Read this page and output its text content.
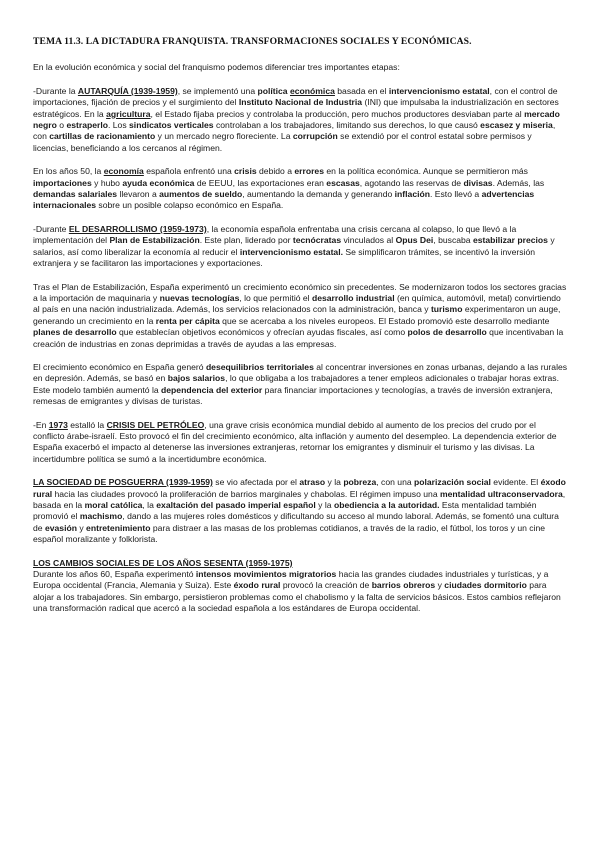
TEMA 11.3. LA DICTADURA FRANQUISTA. TRANSFORMACIONES SOCIALES Y ECONÓMICAS.

En la evolución económica y social del franquismo podemos diferenciar tres importantes etapas:

-Durante la AUTARQUÍA (1939-1959), se implementó una política económica basada en el intervencionismo estatal, con el control de importaciones, fijación de precios y el surgimiento del Instituto Nacional de Industria (INI) que impulsaba la industrialización en sectores estratégicos. En la agricultura, el Estado fijaba precios y controlaba la producción, pero muchos productores desviaban parte al mercado negro o estraperlo. Los sindicatos verticales controlaban a los trabajadores, limitando sus derechos, lo que causó escasez y miseria, con cartillas de racionamiento y un mercado negro floreciente. La corrupción se extendió por el control estatal sobre permisos y licencias, beneficiando a los cercanos al régimen.

En los años 50, la economía española enfrentó una crisis debido a errores en la política económica. Aunque se permitieron más importaciones y hubo ayuda económica de EEUU, las exportaciones eran escasas, agotando las reservas de divisas. Además, las demandas salariales llevaron a aumentos de sueldo, aumentando la demanda y generando inflación. Esto llevó a advertencias internacionales sobre un posible colapso económico en España.

-Durante EL DESARROLLISMO (1959-1973), la economía española enfrentaba una crisis cercana al colapso, lo que llevó a la implementación del Plan de Estabilización. Este plan, liderado por tecnócratas vinculados al Opus Dei, buscaba estabilizar precios y salarios, así como liberalizar la economía al reducir el intervencionismo estatal. Se simplificaron trámites, se incentivó la inversión extranjera y se facilitaron las importaciones y exportaciones.

Tras el Plan de Estabilización, España experimentó un crecimiento económico sin precedentes. Se modernizaron todos los sectores gracias a la importación de maquinaria y nuevas tecnologías, lo que permitió el desarrollo industrial (en química, automóvil, metal) convirtiendo al país en una nación industrializada. Además, los servicios relacionados con la administración, banca y turismo experimentaron un auge, generando un crecimiento en la renta per cápita que se acercaba a los niveles europeos. El Estado promovió este desarrollo mediante planes de desarrollo que establecían objetivos económicos y ofrecían ayudas fiscales, así como polos de desarrollo que incentivaban la creación de industrias en zonas deprimidas a través de ayudas a las empresas.

El crecimiento económico en España generó desequilibrios territoriales al concentrar inversiones en zonas urbanas, dejando a las rurales en depresión. Además, se basó en bajos salarios, lo que obligaba a los trabajadores a tener empleos adicionales o trabajar horas extras. Este modelo también aumentó la dependencia del exterior para financiar importaciones y tecnologías, a través de inversión extranjera, remesas de emigrantes y divisas de turistas.

-En 1973 estalló la CRISIS DEL PETRÓLEO, una grave crisis económica mundial debido al aumento de los precios del crudo por el conflicto árabe-israelí. Esto provocó el fin del crecimiento económico, alta inflación y aumento del desempleo. La dependencia exterior de España exacerbó el impacto al detenerse las inversiones extranjeras, retornar los emigrantes y disminuir el turismo y las divisas. La incertidumbre política se sumó a la incertidumbre económica.

LA SOCIEDAD DE POSGUERRA (1939-1959) se vio afectada por el atraso y la pobreza, con una polarización social evidente. El éxodo rural hacia las ciudades provocó la proliferación de barrios marginales y chabolas. El régimen impuso una mentalidad ultraconservadora, basada en la moral católica, la exaltación del pasado imperial español y la obediencia a la autoridad. Esta mentalidad también promovió el machismo, dando a las mujeres roles domésticos y dificultando su acceso al mundo laboral. Además, se fomentó una cultura de evasión y entretenimiento para distraer a las masas de los problemas cotidianos, a través de la radio, el fútbol, los toros y un cine español moralizante y folklorista.

LOS CAMBIOS SOCIALES DE LOS AÑOS SESENTA (1959-1975)
Durante los años 60, España experimentó intensos movimientos migratorios hacia las grandes ciudades industriales y turísticas, y a Europa occidental (Francia, Alemania y Suiza). Este éxodo rural provocó la creación de barrios obreros y ciudades dormitorio para alojar a los trabajadores. Sin embargo, persistieron problemas como el chabolismo y la falta de servicios básicos. Estos cambios reflejaron una transformación radical que acercó a la sociedad española a los estándares de Europa occidental.
